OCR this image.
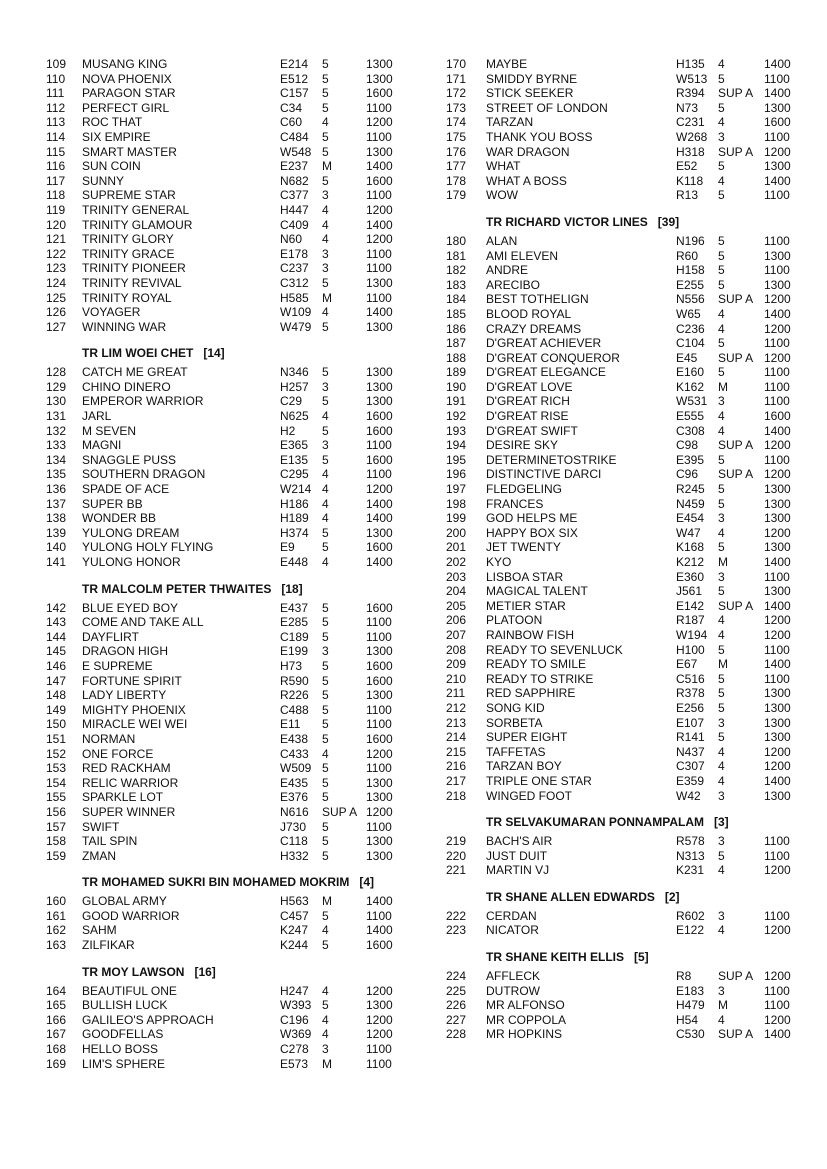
109 MUSANG KING	E214 5	1300
110 NOVA PHOENIX	E512 5	1300
111 PARAGON STAR	C157 5	1600
112 PERFECT GIRL	C34 5	1100
113 ROC THAT	C60 4	1200
114 SIX EMPIRE	C484 5	1100
115 SMART MASTER	W548 5	1300
116 SUN COIN	E237 M	1400
117 SUNNY	N682 5	1600
118 SUPREME STAR	C377 3	1100
119 TRINITY GENERAL	H447 4	1200
120 TRINITY GLAMOUR	C409 4	1400
121 TRINITY GLORY	N60 4	1200
122 TRINITY GRACE	E178 3	1100
123 TRINITY PIONEER	C237 3	1100
124 TRINITY REVIVAL	C312 5	1300
125 TRINITY ROYAL	H585 M	1100
126 VOYAGER	W109 4	1400
127 WINNING WAR	W479 5	1300
TR LIM WOEI CHET [14]
128 CATCH ME GREAT	N346 5	1300
129 CHINO DINERO	H257 3	1300
130 EMPEROR WARRIOR	C29 5	1300
131 JARL	N625 4	1600
132 M SEVEN	H2 5	1600
133 MAGNI	E365 3	1100
134 SNAGGLE PUSS	E135 5	1600
135 SOUTHERN DRAGON	C295 4	1100
136 SPADE OF ACE	W214 4	1200
137 SUPER BB	H186 4	1400
138 WONDER BB	H189 4	1400
139 YULONG DREAM	H374 5	1300
140 YULONG HOLY FLYING	E9 5	1600
141 YULONG HONOR	E448 4	1400
TR MALCOLM PETER THWAITES [18]
142 BLUE EYED BOY	E437 5	1600
143 COME AND TAKE ALL	E285 5	1100
144 DAYFLIRT	C189 5	1100
145 DRAGON HIGH	E199 3	1300
146 E SUPREME	H73 5	1600
147 FORTUNE SPIRIT	R590 5	1600
148 LADY LIBERTY	R226 5	1300
149 MIGHTY PHOENIX	C488 5	1100
150 MIRACLE WEI WEI	E11 5	1100
151 NORMAN	E438 5	1600
152 ONE FORCE	C433 4	1200
153 RED RACKHAM	W509 5	1100
154 RELIC WARRIOR	E435 5	1300
155 SPARKLE LOT	E376 5	1300
156 SUPER WINNER	N616 SUP A 1200
157 SWIFT	J730 5	1100
158 TAIL SPIN	C118 5	1300
159 ZMAN	H332 5	1300
TR MOHAMED SUKRI BIN MOHAMED MOKRIM [4]
160 GLOBAL ARMY	H563 M	1400
161 GOOD WARRIOR	C457 5	1100
162 SAHM	K247 4	1400
163 ZILFIKAR	K244 5	1600
TR MOY LAWSON [16]
164 BEAUTIFUL ONE	H247 4	1200
165 BULLISH LUCK	W393 5	1300
166 GALILEO'S APPROACH	C196 4	1200
167 GOODFELLAS	W369 4	1200
168 HELLO BOSS	C278 3	1100
169 LIM'S SPHERE	E573 M	1100
170 MAYBE	H135 4	1400
171 SMIDDY BYRNE	W513 5	1100
172 STICK SEEKER	R394 SUP A 1400
173 STREET OF LONDON	N73 5	1300
174 TARZAN	C231 4	1600
175 THANK YOU BOSS	W268 3	1100
176 WAR DRAGON	H318 SUP A 1200
177 WHAT	E52 5	1300
178 WHAT A BOSS	K118 4	1400
179 WOW	R13 5	1100
TR RICHARD VICTOR LINES [39]
180 ALAN	N196 5	1100
181 AMI ELEVEN	R60 5	1300
182 ANDRE	H158 5	1100
183 ARECIBO	E255 5	1300
184 BEST TOTHELIGN	N556 SUP A 1200
185 BLOOD ROYAL	W65 4	1400
186 CRAZY DREAMS	C236 4	1200
187 D'GREAT ACHIEVER	C104 5	1100
188 D'GREAT CONQUEROR	E45 SUP A 1200
189 D'GREAT ELEGANCE	E160 5	1100
190 D'GREAT LOVE	K162 M	1100
191 D'GREAT RICH	W531 3	1100
192 D'GREAT RISE	E555 4	1600
193 D'GREAT SWIFT	C308 4	1400
194 DESIRE SKY	C98 SUP A 1200
195 DETERMINETOSTRIKE	E395 5	1100
196 DISTINCTIVE DARCI	C96 SUP A 1200
197 FLEDGELING	R245 5	1300
198 FRANCES	N459 5	1300
199 GOD HELPS ME	E454 3	1300
200 HAPPY BOX SIX	W47 4	1200
201 JET TWENTY	K168 5	1300
202 KYO	K212 M	1400
203 LISBOA STAR	E360 3	1100
204 MAGICAL TALENT	J561 5	1300
205 METIER STAR	E142 SUP A 1400
206 PLATOON	R187 4	1200
207 RAINBOW FISH	W194 4	1200
208 READY TO SEVENLUCK	H100 5	1100
209 READY TO SMILE	E67 M	1400
210 READY TO STRIKE	C516 5	1100
211 RED SAPPHIRE	R378 5	1300
212 SONG KID	E256 5	1300
213 SORBETA	E107 3	1300
214 SUPER EIGHT	R141 5	1300
215 TAFFETAS	N437 4	1200
216 TARZAN BOY	C307 4	1200
217 TRIPLE ONE STAR	E359 4	1400
218 WINGED FOOT	W42 3	1300
TR SELVAKUMARAN PONNAMPALAM [3]
219 BACH'S AIR	R578 3	1100
220 JUST DUIT	N313 5	1100
221 MARTIN VJ	K231 4	1200
TR SHANE ALLEN EDWARDS [2]
222 CERDAN	R602 3	1100
223 NICATOR	E122 4	1200
TR SHANE KEITH ELLIS [5]
224 AFFLECK	R8 SUP A 1200
225 DUTROW	E183 3	1100
226 MR ALFONSO	H479 M	1100
227 MR COPPOLA	H54 4	1200
228 MR HOPKINS	C530 SUP A 1400
